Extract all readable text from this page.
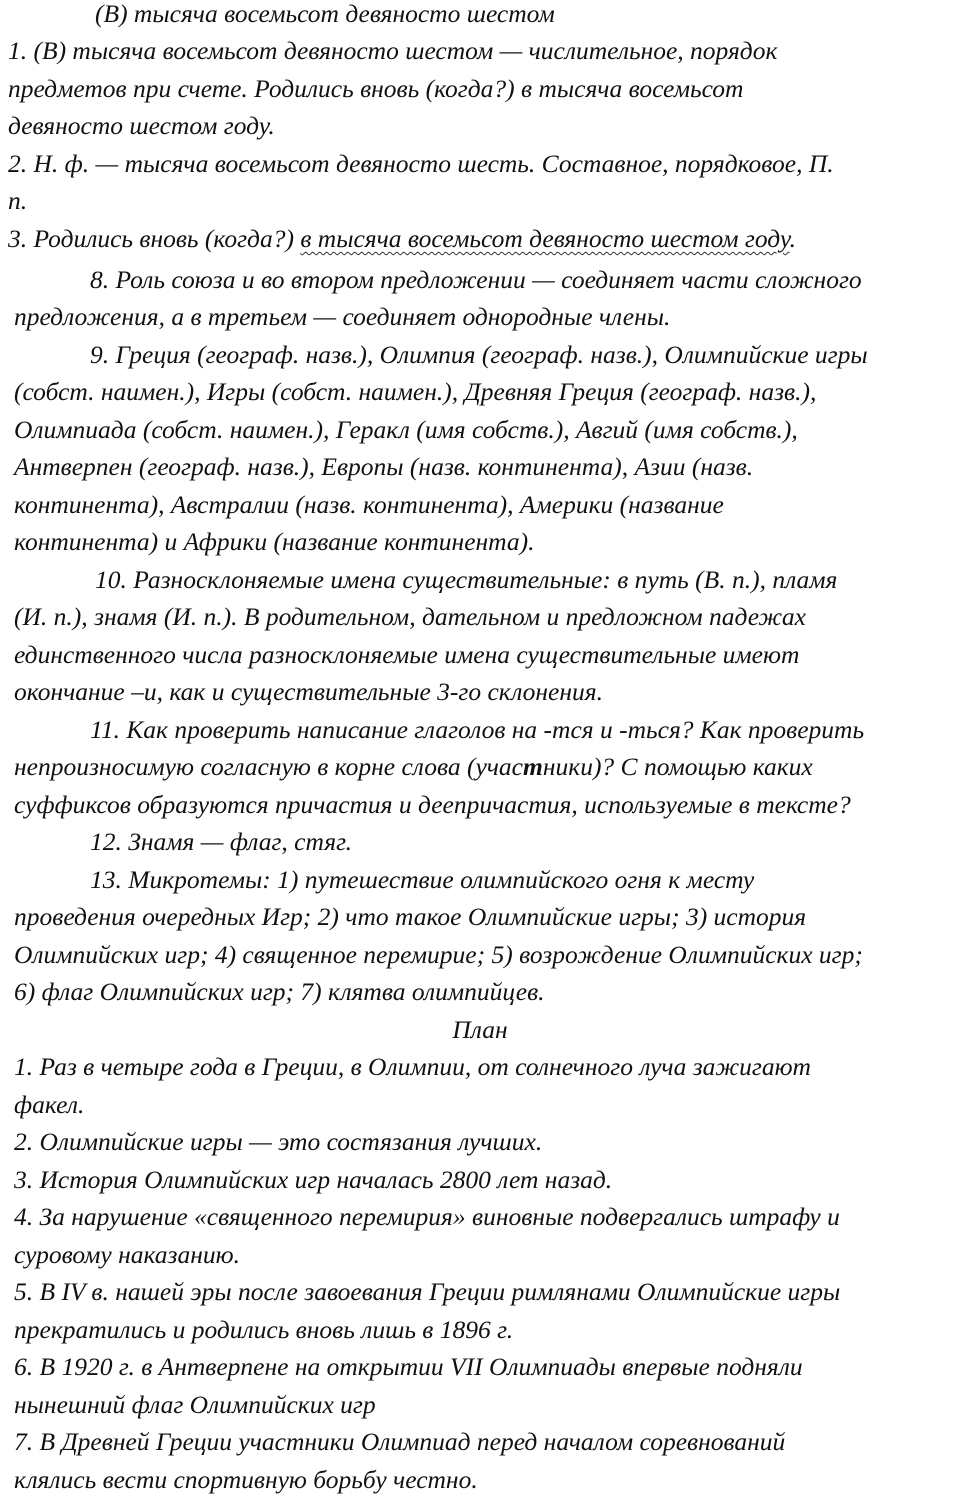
(В) тысяча восемьсот девяносто шестом

1. (В) тысяча восемьсот девяносто шестом — числительное, порядок

предметов при счете. Родились вновь (когда?) в тысяча восемьсот

девяносто шестом году.

2. Н. ф. — тысяча восемьсот девяносто шесть. Составное, порядковое, П.

п.

3. Родились вновь (когда?) в тысяча восемьсот девяносто шестом году.

8. Роль союза и во втором предложении — соединяет части сложного

предложения, а в третьем — соединяет однородные члены.

9. Греция (географ. назв.), Олимпия (географ. назв.), Олимпийские игры

(собст. наимен.), Игры (собст. наимен.), Древняя Греция (географ. назв.),

Олимпиада (собст. наимен.), Геракл (имя собств.), Авгий (имя собств.),

Антверпен (географ. назв.), Европы (назв. континента), Азии (назв.

континента), Австралии (назв. континента), Америки (название

континента) и Африки (название континента).

10. Разносклоняемые имена существительные: в путь (В. п.), пламя

(И. п.), знамя (И. п.). В родительном, дательном и предложном падежах

единственного числа разносклоняемые имена существительные имеют

окончание –и, как и существительные 3-го склонения.

11. Как проверить написание глаголов на -тся и -ться? Как проверить

непроизносимую согласную в корне слова (участники)? С помощью каких

суффиксов образуются причастия и деепричастия, используемые в тексте?

12. Знамя — флаг, стяг.

13. Микротемы: 1) путешествие олимпийского огня к месту

проведения очередных Игр; 2) что такое Олимпийские игры; 3) история

Олимпийских игр; 4) священное перемирие; 5) возрождение Олимпийских игр;

6) флаг Олимпийских игр; 7) клятва олимпийцев.

План

1. Раз в четыре года в Греции, в Олимпии, от солнечного луча зажигают

факел.

2. Олимпийские игры — это состязания лучших.

3. История Олимпийских игр началась 2800 лет назад.

4. За нарушение «священного перемирия» виновные подвергались штрафу и

суровому наказанию.

5. В IV в. нашей эры после завоевания Греции римлянами Олимпийские игры

прекратились и родились вновь лишь в 1896 г.

6. В 1920 г. в Антверпене на открытии VII Олимпиады впервые подняли

нынешний флаг Олимпийских игр

7. В Древней Греции участники Олимпиад перед началом соревнований

клялись вести спортивную борьбу честно.
